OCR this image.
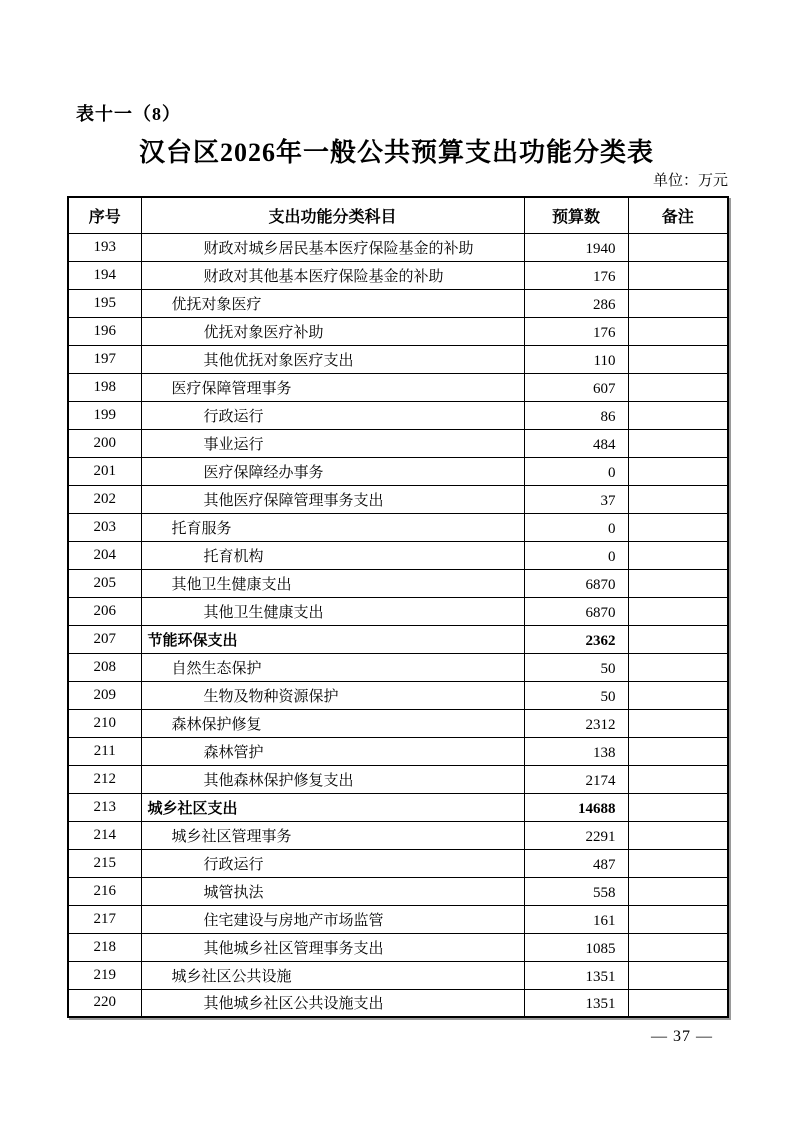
表十一（8）
汉台区2026年一般公共预算支出功能分类表
单位：万元
序号	支出功能分类科目	预算数	备注
193	财政对城乡居民基本医疗保险基金的补助	1940	
194	财政对其他基本医疗保险基金的补助	176	
195	优抚对象医疗	286	
196	优抚对象医疗补助	176	
197	其他优抚对象医疗支出	110	
198	医疗保障管理事务	607	
199	行政运行	86	
200	事业运行	484	
201	医疗保障经办事务	0	
202	其他医疗保障管理事务支出	37	
203	托育服务	0	
204	托育机构	0	
205	其他卫生健康支出	6870	
206	其他卫生健康支出	6870	
207	节能环保支出	2362	
208	自然生态保护	50	
209	生物及物种资源保护	50	
210	森林保护修复	2312	
211	森林管护	138	
212	其他森林保护修复支出	2174	
213	城乡社区支出	14688	
214	城乡社区管理事务	2291	
215	行政运行	487	
216	城管执法	558	
217	住宅建设与房地产市场监管	161	
218	其他城乡社区管理事务支出	1085	
219	城乡社区公共设施	1351	
220	其他城乡社区公共设施支出	1351	
— 37 —
